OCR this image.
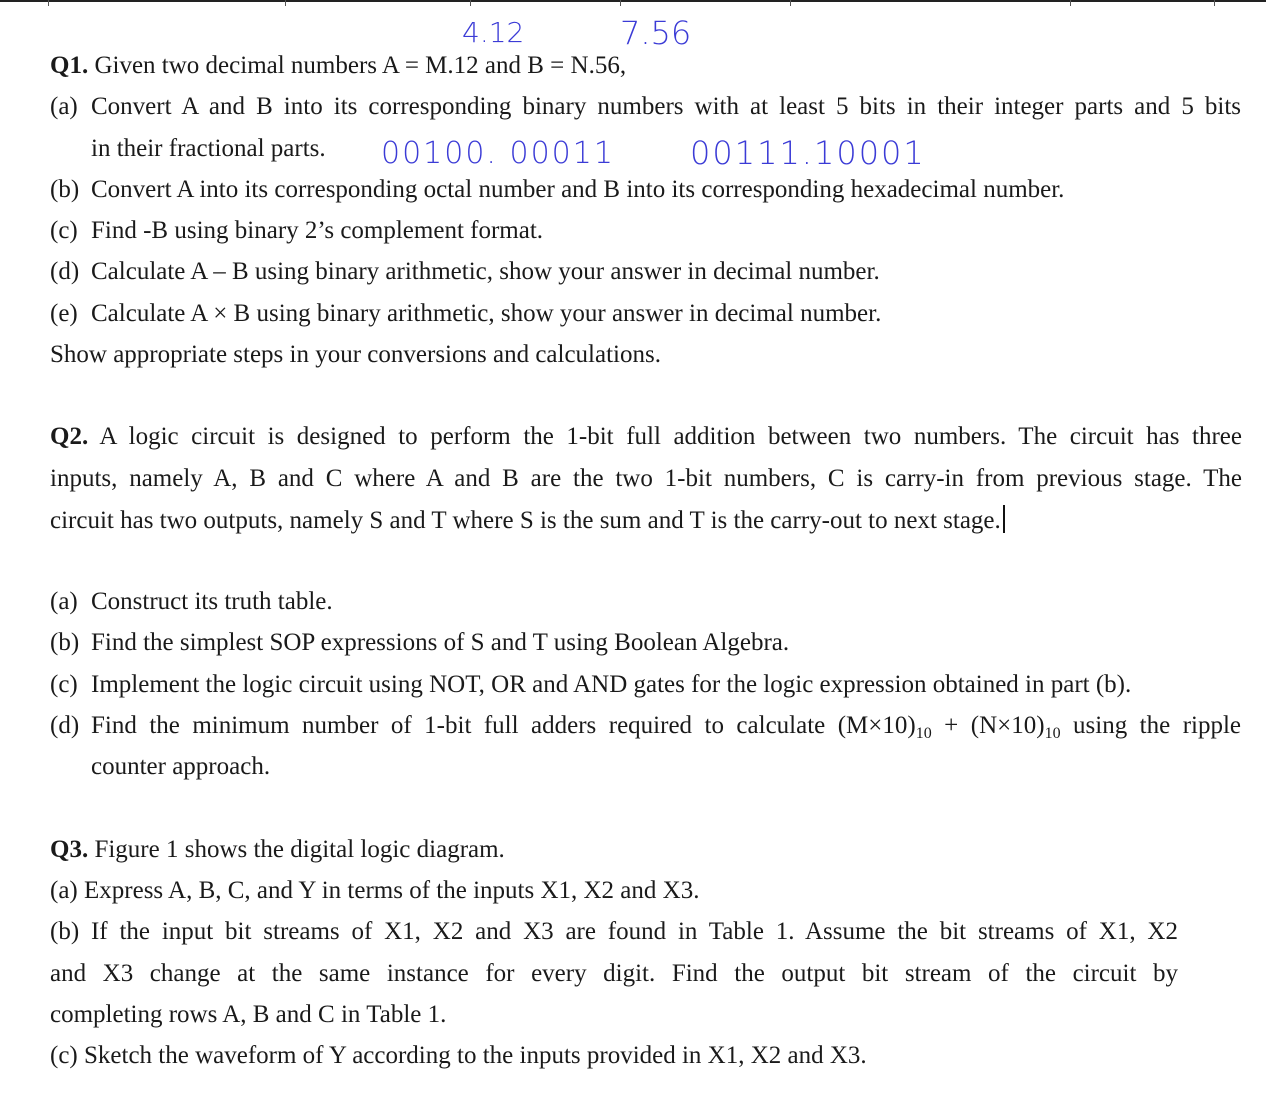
4.12	7.56
00100. 00011 00111.10001
Q1. Given two decimal numbers A = M.12 and B = N.56,
(a) Convert A and B into its corresponding binary numbers with at least 5 bits in their integer parts and 5 bits
in their fractional parts.
(b) Convert A into its corresponding octal number and B into its corresponding hexadecimal number.
(c) Find -B using binary 2’s complement format.
(d) Calculate A – B using binary arithmetic, show your answer in decimal number.
(e) Calculate A × B using binary arithmetic, show your answer in decimal number.
Show appropriate steps in your conversions and calculations.
Q2. A logic circuit is designed to perform the 1-bit full addition between two numbers. The circuit has three
inputs, namely A, B and C where A and B are the two 1-bit numbers, C is carry-in from previous stage. The
circuit has two outputs, namely S and T where S is the sum and T is the carry-out to next stage.
(a) Construct its truth table.
(b) Find the simplest SOP expressions of S and T using Boolean Algebra.
(c) Implement the logic circuit using NOT, OR and AND gates for the logic expression obtained in part (b).
(d) Find the minimum number of 1-bit full adders required to calculate $(M\times 10)_{10} + (N\times 10)_{10}$ using the ripple
counter approach.
Q3. Figure 1 shows the digital logic diagram.
(a) Express A, B, C, and Y in terms of the inputs X1, X2 and X3.
(b) If the input bit streams of X1, X2 and X3 are found in Table 1. Assume the bit streams of X1, X2
and X3 change at the same instance for every digit. Find the output bit stream of the circuit by
completing rows A, B and C in Table 1.
(c) Sketch the waveform of Y according to the inputs provided in X1, X2 and X3.
